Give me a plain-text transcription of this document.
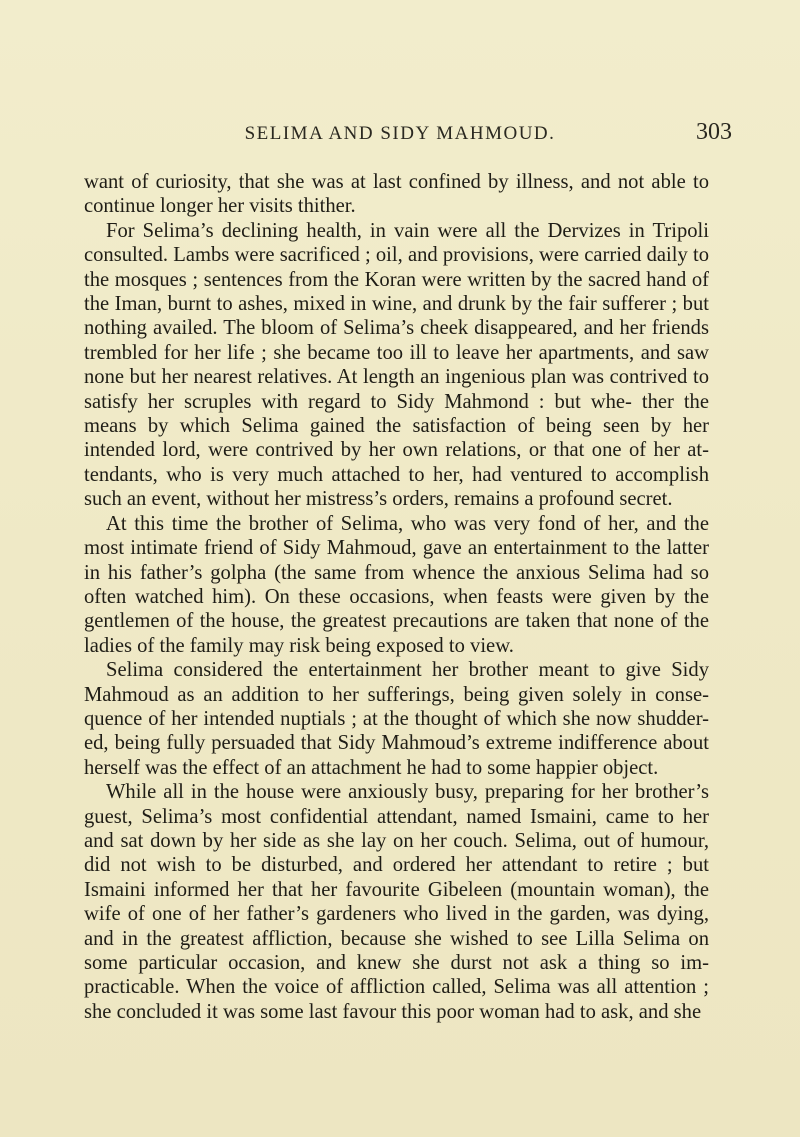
SELIMA AND SIDY MAHMOUD.	303

want of curiosity, that she was at last confined by illness, and not able to continue longer her visits thither.

For Selima’s declining health, in vain were all the Dervizes in Tripoli consulted. Lambs were sacrificed ; oil, and provisions, were carried daily to the mosques ; sentences from the Koran were written by the sacred hand of the Iman, burnt to ashes, mixed in wine, and drunk by the fair sufferer ; but nothing availed. The bloom of Selima’s cheek disappeared, and her friends trembled for her life ; she became too ill to leave her apartments, and saw none but her nearest relatives. At length an ingenious plan was contrived to satisfy her scruples with regard to Sidy Mahmond : but whe- ther the means by which Selima gained the satisfaction of being seen by her intended lord, were contrived by her own relations, or that one of her at- tendants, who is very much attached to her, had ventured to accomplish such an event, without her mistress’s orders, remains a profound secret.

At this time the brother of Selima, who was very fond of her, and the most intimate friend of Sidy Mahmoud, gave an entertainment to the latter in his father’s golpha (the same from whence the anxious Selima had so often watched him). On these occasions, when feasts were given by the gentlemen of the house, the greatest precautions are taken that none of the ladies of the family may risk being exposed to view.

Selima considered the entertainment her brother meant to give Sidy Mahmoud as an addition to her sufferings, being given solely in conse- quence of her intended nuptials ; at the thought of which she now shudder- ed, being fully persuaded that Sidy Mahmoud’s extreme indifference about herself was the effect of an attachment he had to some happier object.

While all in the house were anxiously busy, preparing for her brother’s guest, Selima’s most confidential attendant, named Ismaini, came to her and sat down by her side as she lay on her couch. Selima, out of humour, did not wish to be disturbed, and ordered her attendant to retire ; but Ismaini informed her that her favourite Gibeleen (mountain woman), the wife of one of her father’s gardeners who lived in the garden, was dying, and in the greatest affliction, because she wished to see Lilla Selima on some particular occasion, and knew she durst not ask a thing so im- practicable. When the voice of affliction called, Selima was all attention ; she concluded it was some last favour this poor woman had to ask, and she
